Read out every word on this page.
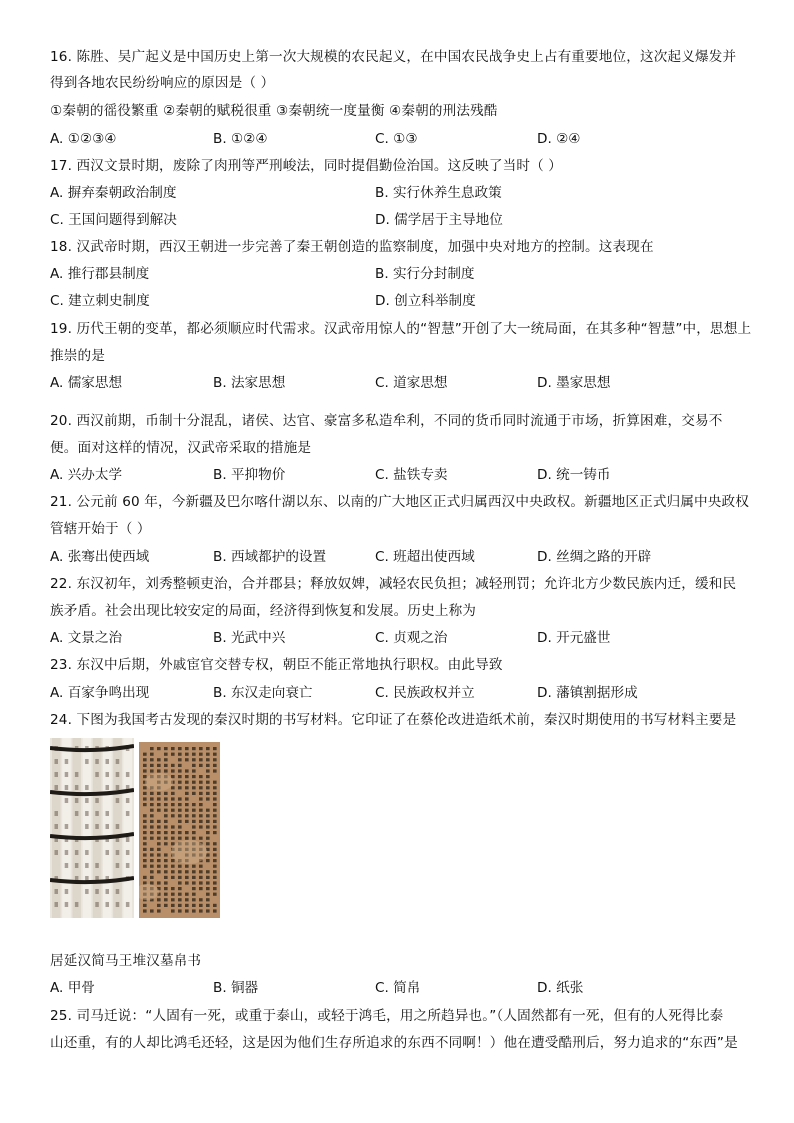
16. 陈胜、吴广起义是中国历史上第一次大规模的农民起义，在中国农民战争史上占有重要地位，这次起义爆发并
得到各地农民纷纷响应的原因是（ ）
①秦朝的徭役繁重 ②秦朝的赋税很重 ③秦朝统一度量衡 ④秦朝的刑法残酷
A. ①②③④	B. ①②④	C. ①③	D. ②④
17. 西汉文景时期，废除了肉刑等严刑峻法，同时提倡勤俭治国。这反映了当时（ ）
A. 摒弃秦朝政治制度	B. 实行休养生息政策
C. 王国问题得到解决	D. 儒学居于主导地位
18. 汉武帝时期，西汉王朝进一步完善了秦王朝创造的监察制度，加强中央对地方的控制。这表现在
A. 推行郡县制度	B. 实行分封制度
C. 建立刺史制度	D. 创立科举制度
19. 历代王朝的变革，都必须顺应时代需求。汉武帝用惊人的“智慧”开创了大一统局面，在其多种“智慧”中，思想上
推崇的是
A. 儒家思想	B. 法家思想	C. 道家思想	D. 墨家思想
20. 西汉前期，币制十分混乱，诸侯、达官、豪富多私造牟利，不同的货币同时流通于市场，折算困难，交易不
便。面对这样的情况，汉武帝采取的措施是
A. 兴办太学	B. 平抑物价	C. 盐铁专卖	D. 统一铸币
21. 公元前 60 年，今新疆及巴尔喀什湖以东、以南的广大地区正式归属西汉中央政权。新疆地区正式归属中央政权
管辖开始于（ ）
A. 张骞出使西域	B. 西域都护的设置	C. 班超出使西域	D. 丝绸之路的开辟
22. 东汉初年，刘秀整顿吏治，合并郡县；释放奴婢，减轻农民负担；减轻刑罚；允许北方少数民族内迁，缓和民
族矛盾。社会出现比较安定的局面，经济得到恢复和发展。历史上称为
A. 文景之治	B. 光武中兴	C. 贞观之治	D. 开元盛世
23. 东汉中后期，外戚宦官交替专权，朝臣不能正常地执行职权。由此导致
A. 百家争鸣出现	B. 东汉走向衰亡	C. 民族政权并立	D. 藩镇割据形成
24. 下图为我国考古发现的秦汉时期的书写材料。它印证了在蔡伦改进造纸术前，秦汉时期使用的书写材料主要是
居延汉简马王堆汉墓帛书
A. 甲骨	B. 铜器	C. 简帛	D. 纸张
25. 司马迁说：“人固有一死，或重于泰山，或轻于鸿毛，用之所趋异也。”（人固然都有一死，但有的人死得比泰
山还重，有的人却比鸿毛还轻，这是因为他们生存所追求的东西不同啊！）他在遭受酷刑后，努力追求的“东西”是
